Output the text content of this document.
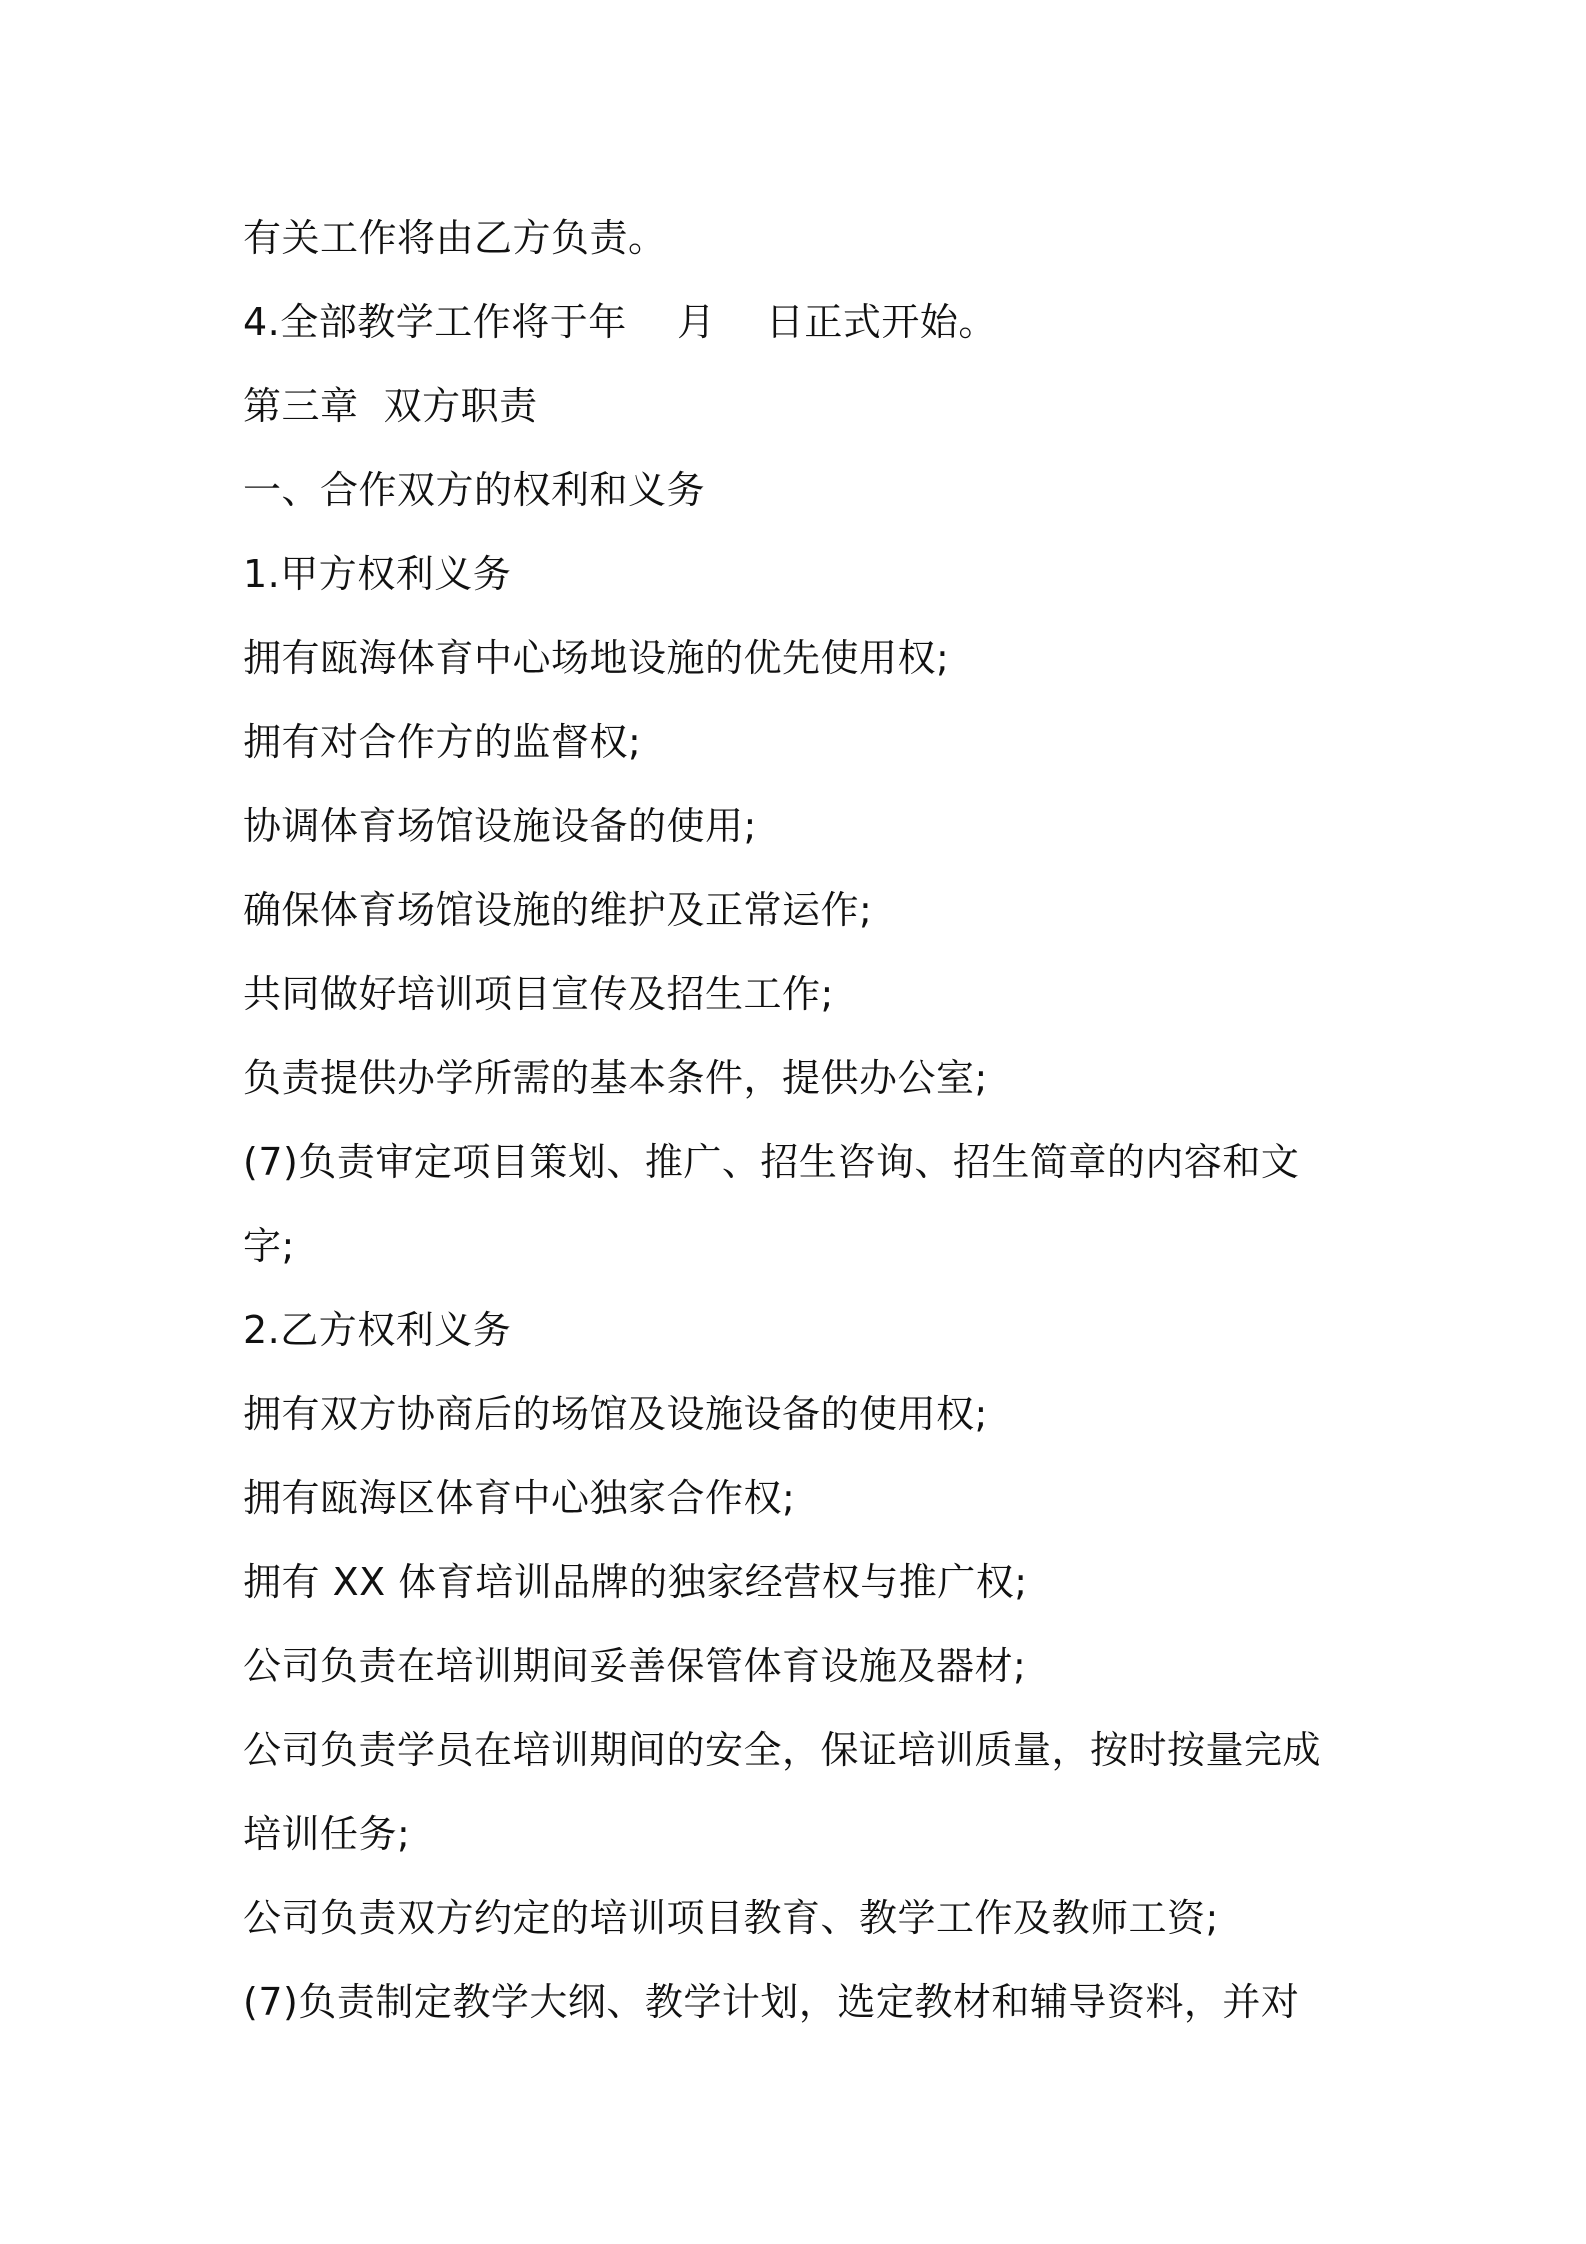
有关工作将由乙方负责。
4.全部教学工作将于年    月    日正式开始。
第三章  双方职责
一、合作双方的权利和义务
1.甲方权利义务
拥有瓯海体育中心场地设施的优先使用权;
拥有对合作方的监督权;
协调体育场馆设施设备的使用;
确保体育场馆设施的维护及正常运作;
共同做好培训项目宣传及招生工作;
负责提供办学所需的基本条件，提供办公室;
(7)负责审定项目策划、推广、招生咨询、招生简章的内容和文
字;
2.乙方权利义务
拥有双方协商后的场馆及设施设备的使用权;
拥有瓯海区体育中心独家合作权;
拥有 XX 体育培训品牌的独家经营权与推广权;
公司负责在培训期间妥善保管体育设施及器材;
公司负责学员在培训期间的安全，保证培训质量，按时按量完成
培训任务;
公司负责双方约定的培训项目教育、教学工作及教师工资;
(7)负责制定教学大纲、教学计划，选定教材和辅导资料，并对
